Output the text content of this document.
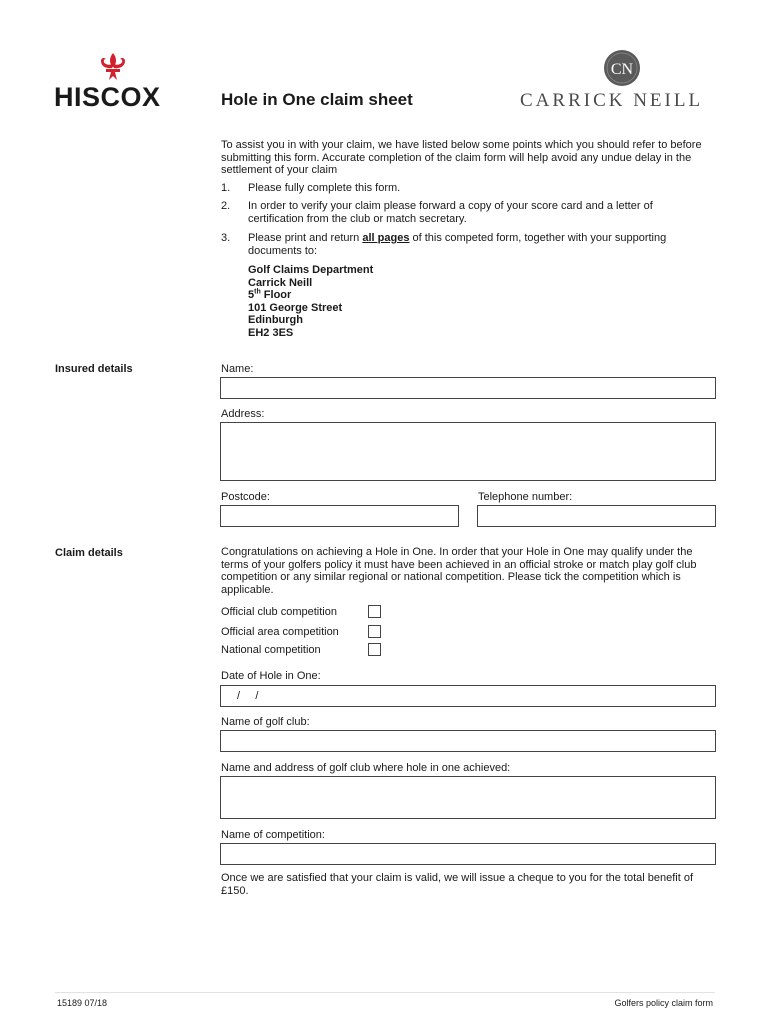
HISCOX
CN
CARRICK NEILL
Hole in One claim sheet
To assist you in with your claim, we have listed below some points which you should refer to before submitting this form. Accurate completion of the claim form will help avoid any undue delay in the settlement of your claim
1.	Please fully complete this form.
2.	In order to verify your claim please forward a copy of your score card and a letter of certification from the club or match secretary.
3.	Please print and return all pages of this competed form, together with your supporting documents to:
Golf Claims Department
Carrick Neill
5th Floor
101 George Street
Edinburgh
EH2 3ES
Insured details	Name:
Address:
Postcode:	Telephone number:
Claim details	Congratulations on achieving a Hole in One. In order that your Hole in One may qualify under the terms of your golfers policy it must have been achieved in an official stroke or match play golf club competition or any similar regional or national competition. Please tick the competition which is applicable.
Official club competition
Official area competition
National competition
Date of Hole in One:
/     /
Name of golf club:
Name and address of golf club where hole in one achieved:
Name of competition:
Once we are satisfied that your claim is valid, we will issue a cheque to you for the total benefit of £150.
15189 07/18	Golfers policy claim form
